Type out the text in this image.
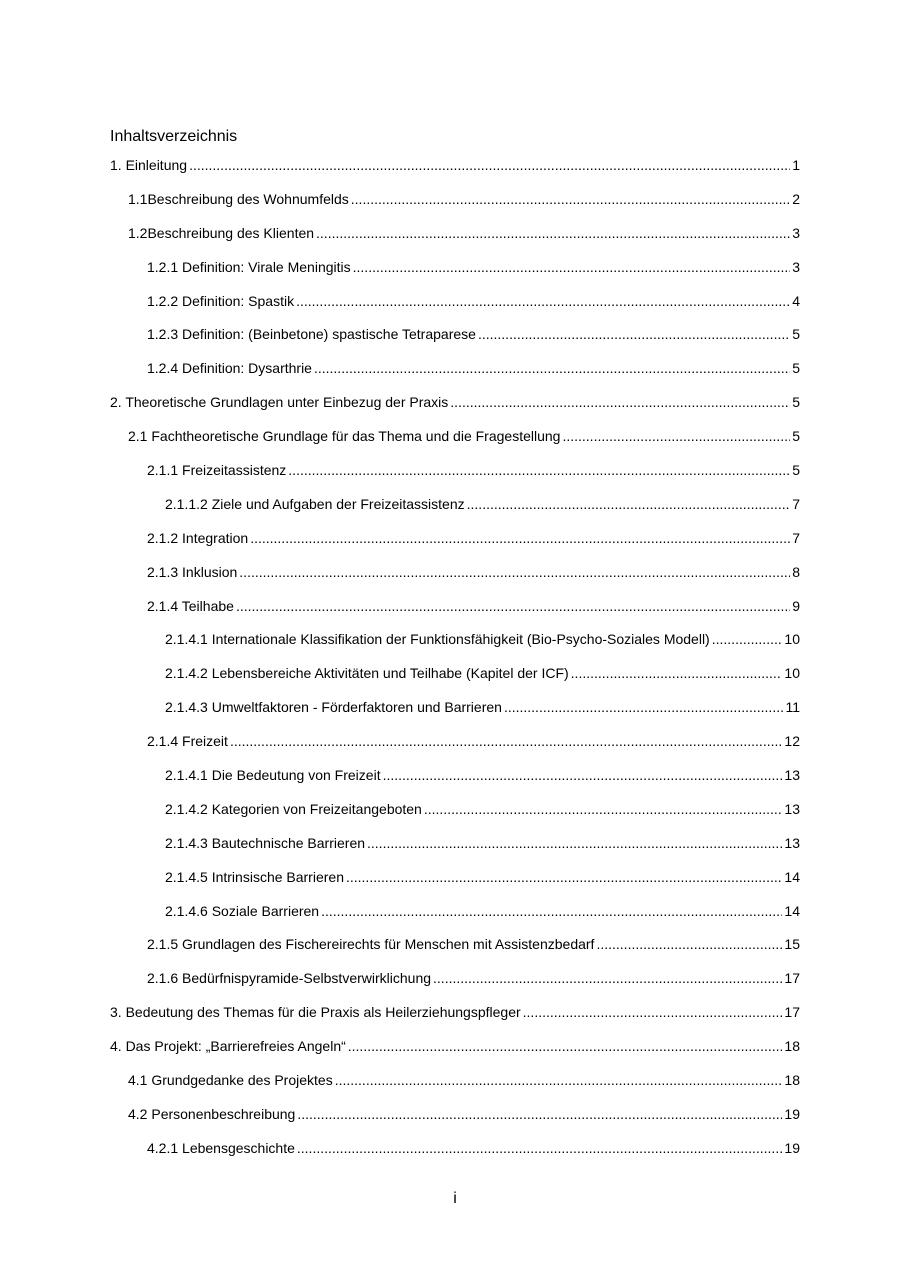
Inhaltsverzeichnis
1. Einleitung .....	1
1.1 Beschreibung des Wohnumfelds .....	2
1.2 Beschreibung des Klienten .....	3
1.2.1 Definition: Virale Meningitis .....	3
1.2.2 Definition: Spastik .....	4
1.2.3 Definition: (Beinbetone) spastische Tetraparese .....	5
1.2.4 Definition: Dysarthrie .....	5
2. Theoretische Grundlagen unter Einbezug der Praxis .....	5
2.1 Fachtheoretische Grundlage für das Thema und die Fragestellung .....	5
2.1.1 Freizeitassistenz .....	5
2.1.1.2 Ziele und Aufgaben der Freizeitassistenz .....	7
2.1.2 Integration .....	7
2.1.3 Inklusion .....	8
2.1.4 Teilhabe .....	9
2.1.4.1 Internationale Klassifikation der Funktionsfähigkeit (Bio-Psycho-Soziales Modell) .....	10
2.1.4.2 Lebensbereiche Aktivitäten und Teilhabe (Kapitel der ICF) .....	10
2.1.4.3 Umweltfaktoren - Förderfaktoren und Barrieren .....	11
2.1.4 Freizeit .....	12
2.1.4.1 Die Bedeutung von Freizeit .....	13
2.1.4.2 Kategorien von Freizeitangeboten .....	13
2.1.4.3 Bautechnische Barrieren .....	13
2.1.4.5 Intrinsische Barrieren .....	14
2.1.4.6 Soziale Barrieren .....	14
2.1.5 Grundlagen des Fischereirechts für Menschen mit Assistenzbedarf .....	15
2.1.6 Bedürfnispyramide-Selbstverwirklichung .....	17
3. Bedeutung des Themas für die Praxis als Heilerziehungspfleger .....	17
4. Das Projekt: „Barrierefreies Angeln“ .....	18
4.1 Grundgedanke des Projektes .....	18
4.2 Personenbeschreibung .....	19
4.2.1 Lebensgeschichte .....	19
i
